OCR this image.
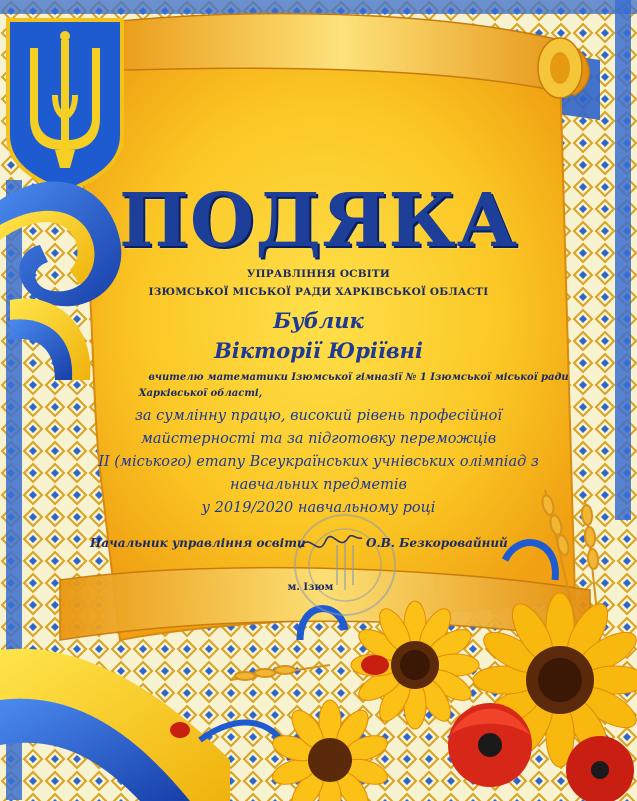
ПОДЯКА
УПРАВЛІННЯ ОСВІТИ
ІЗЮМСЬКОЇ МІСЬКОЇ РАДИ ХАРКІВСЬКОЇ ОБЛАСТІ
Бублик
Вікторії Юріївні
вчителю математики Ізюмської гімназії № 1 Ізюмської міської ради
Харківської області,
за сумлінну працю, високий рівень професійної
майстерності та за підготовку переможців
ІІ (міського) етапу Всеукраїнських учнівських олімпіад з
навчальних предметів
у 2019/2020 навчальному році
Начальник управління освіти	О.В. Безкоровайний
м. Ізюм
